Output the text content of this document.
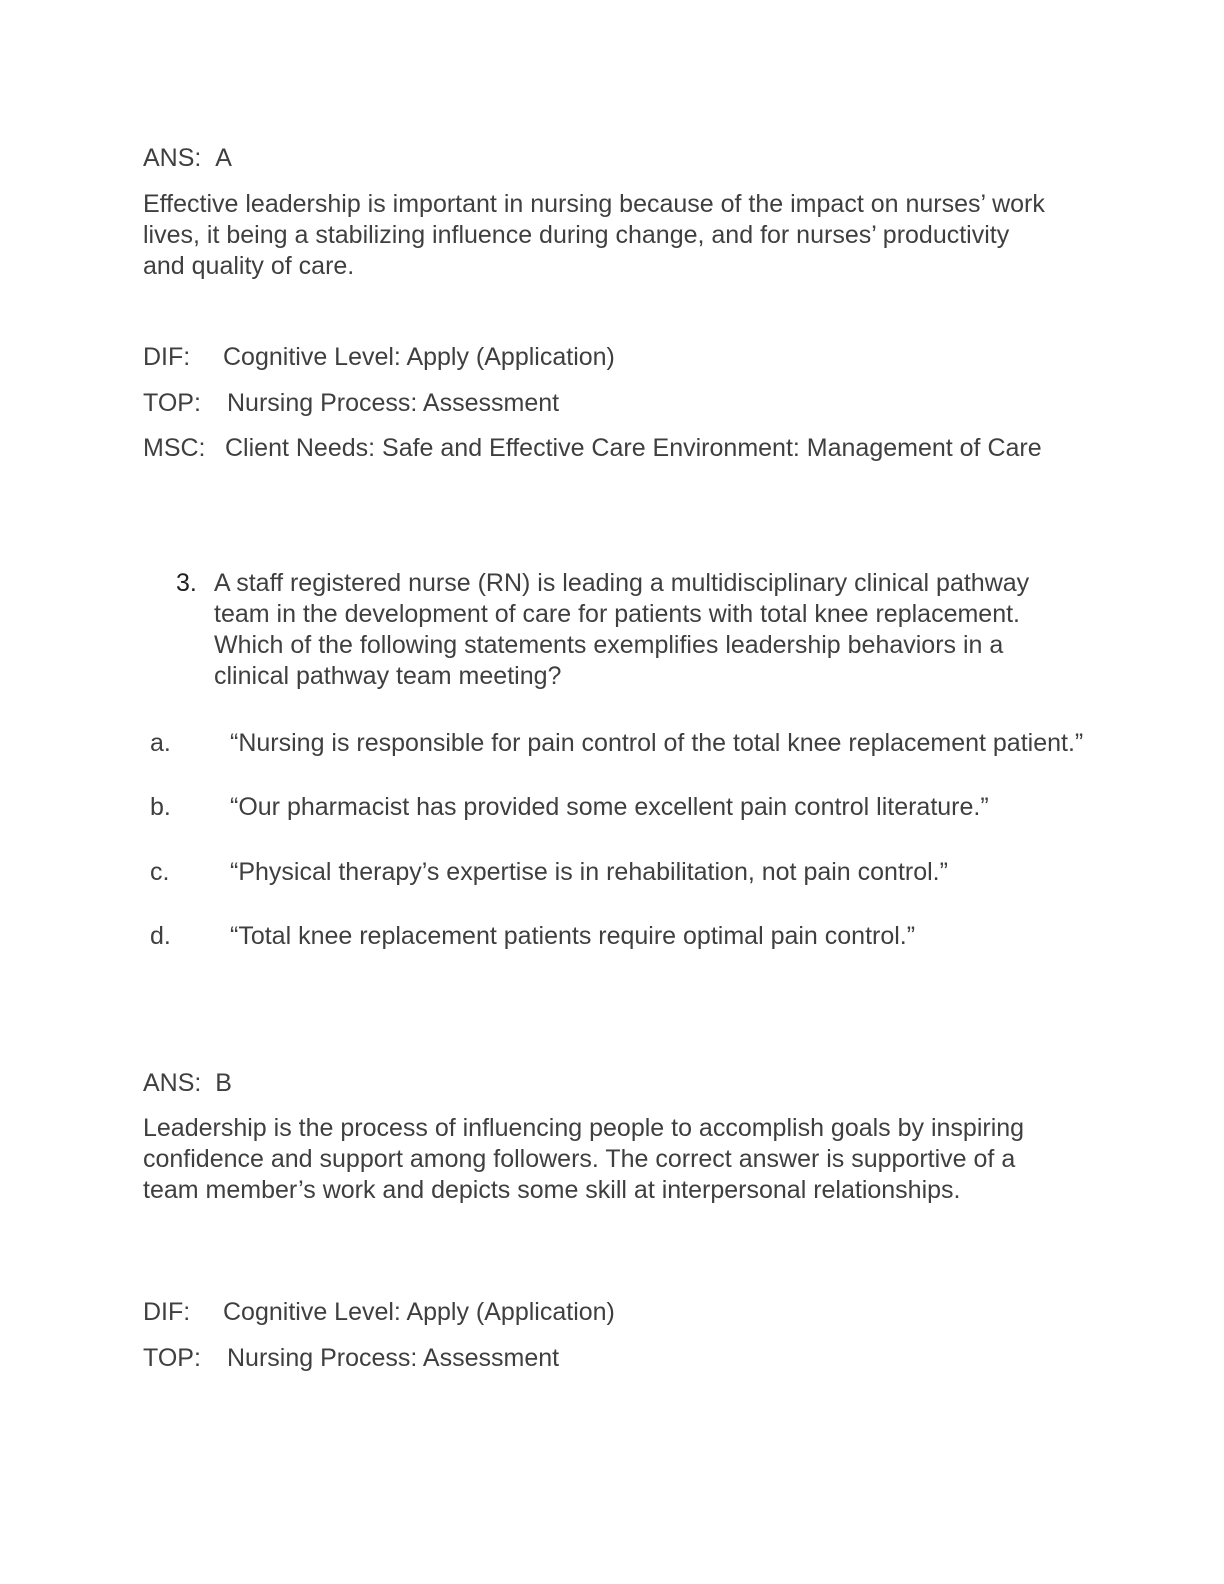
ANS: A

Effective leadership is important in nursing because of the impact on nurses’ work lives, it being a stabilizing influence during change, and for nurses’ productivity and quality of care.

DIF: Cognitive Level: Apply (Application)
TOP: Nursing Process: Assessment
MSC: Client Needs: Safe and Effective Care Environment: Management of Care
3. A staff registered nurse (RN) is leading a multidisciplinary clinical pathway team in the development of care for patients with total knee replacement. Which of the following statements exemplifies leadership behaviors in a clinical pathway team meeting?

a. “Nursing is responsible for pain control of the total knee replacement patient.”
b. “Our pharmacist has provided some excellent pain control literature.”
c. “Physical therapy’s expertise is in rehabilitation, not pain control.”
d. “Total knee replacement patients require optimal pain control.”
ANS: B

Leadership is the process of influencing people to accomplish goals by inspiring confidence and support among followers. The correct answer is supportive of a team member’s work and depicts some skill at interpersonal relationships.

DIF: Cognitive Level: Apply (Application)
TOP: Nursing Process: Assessment
